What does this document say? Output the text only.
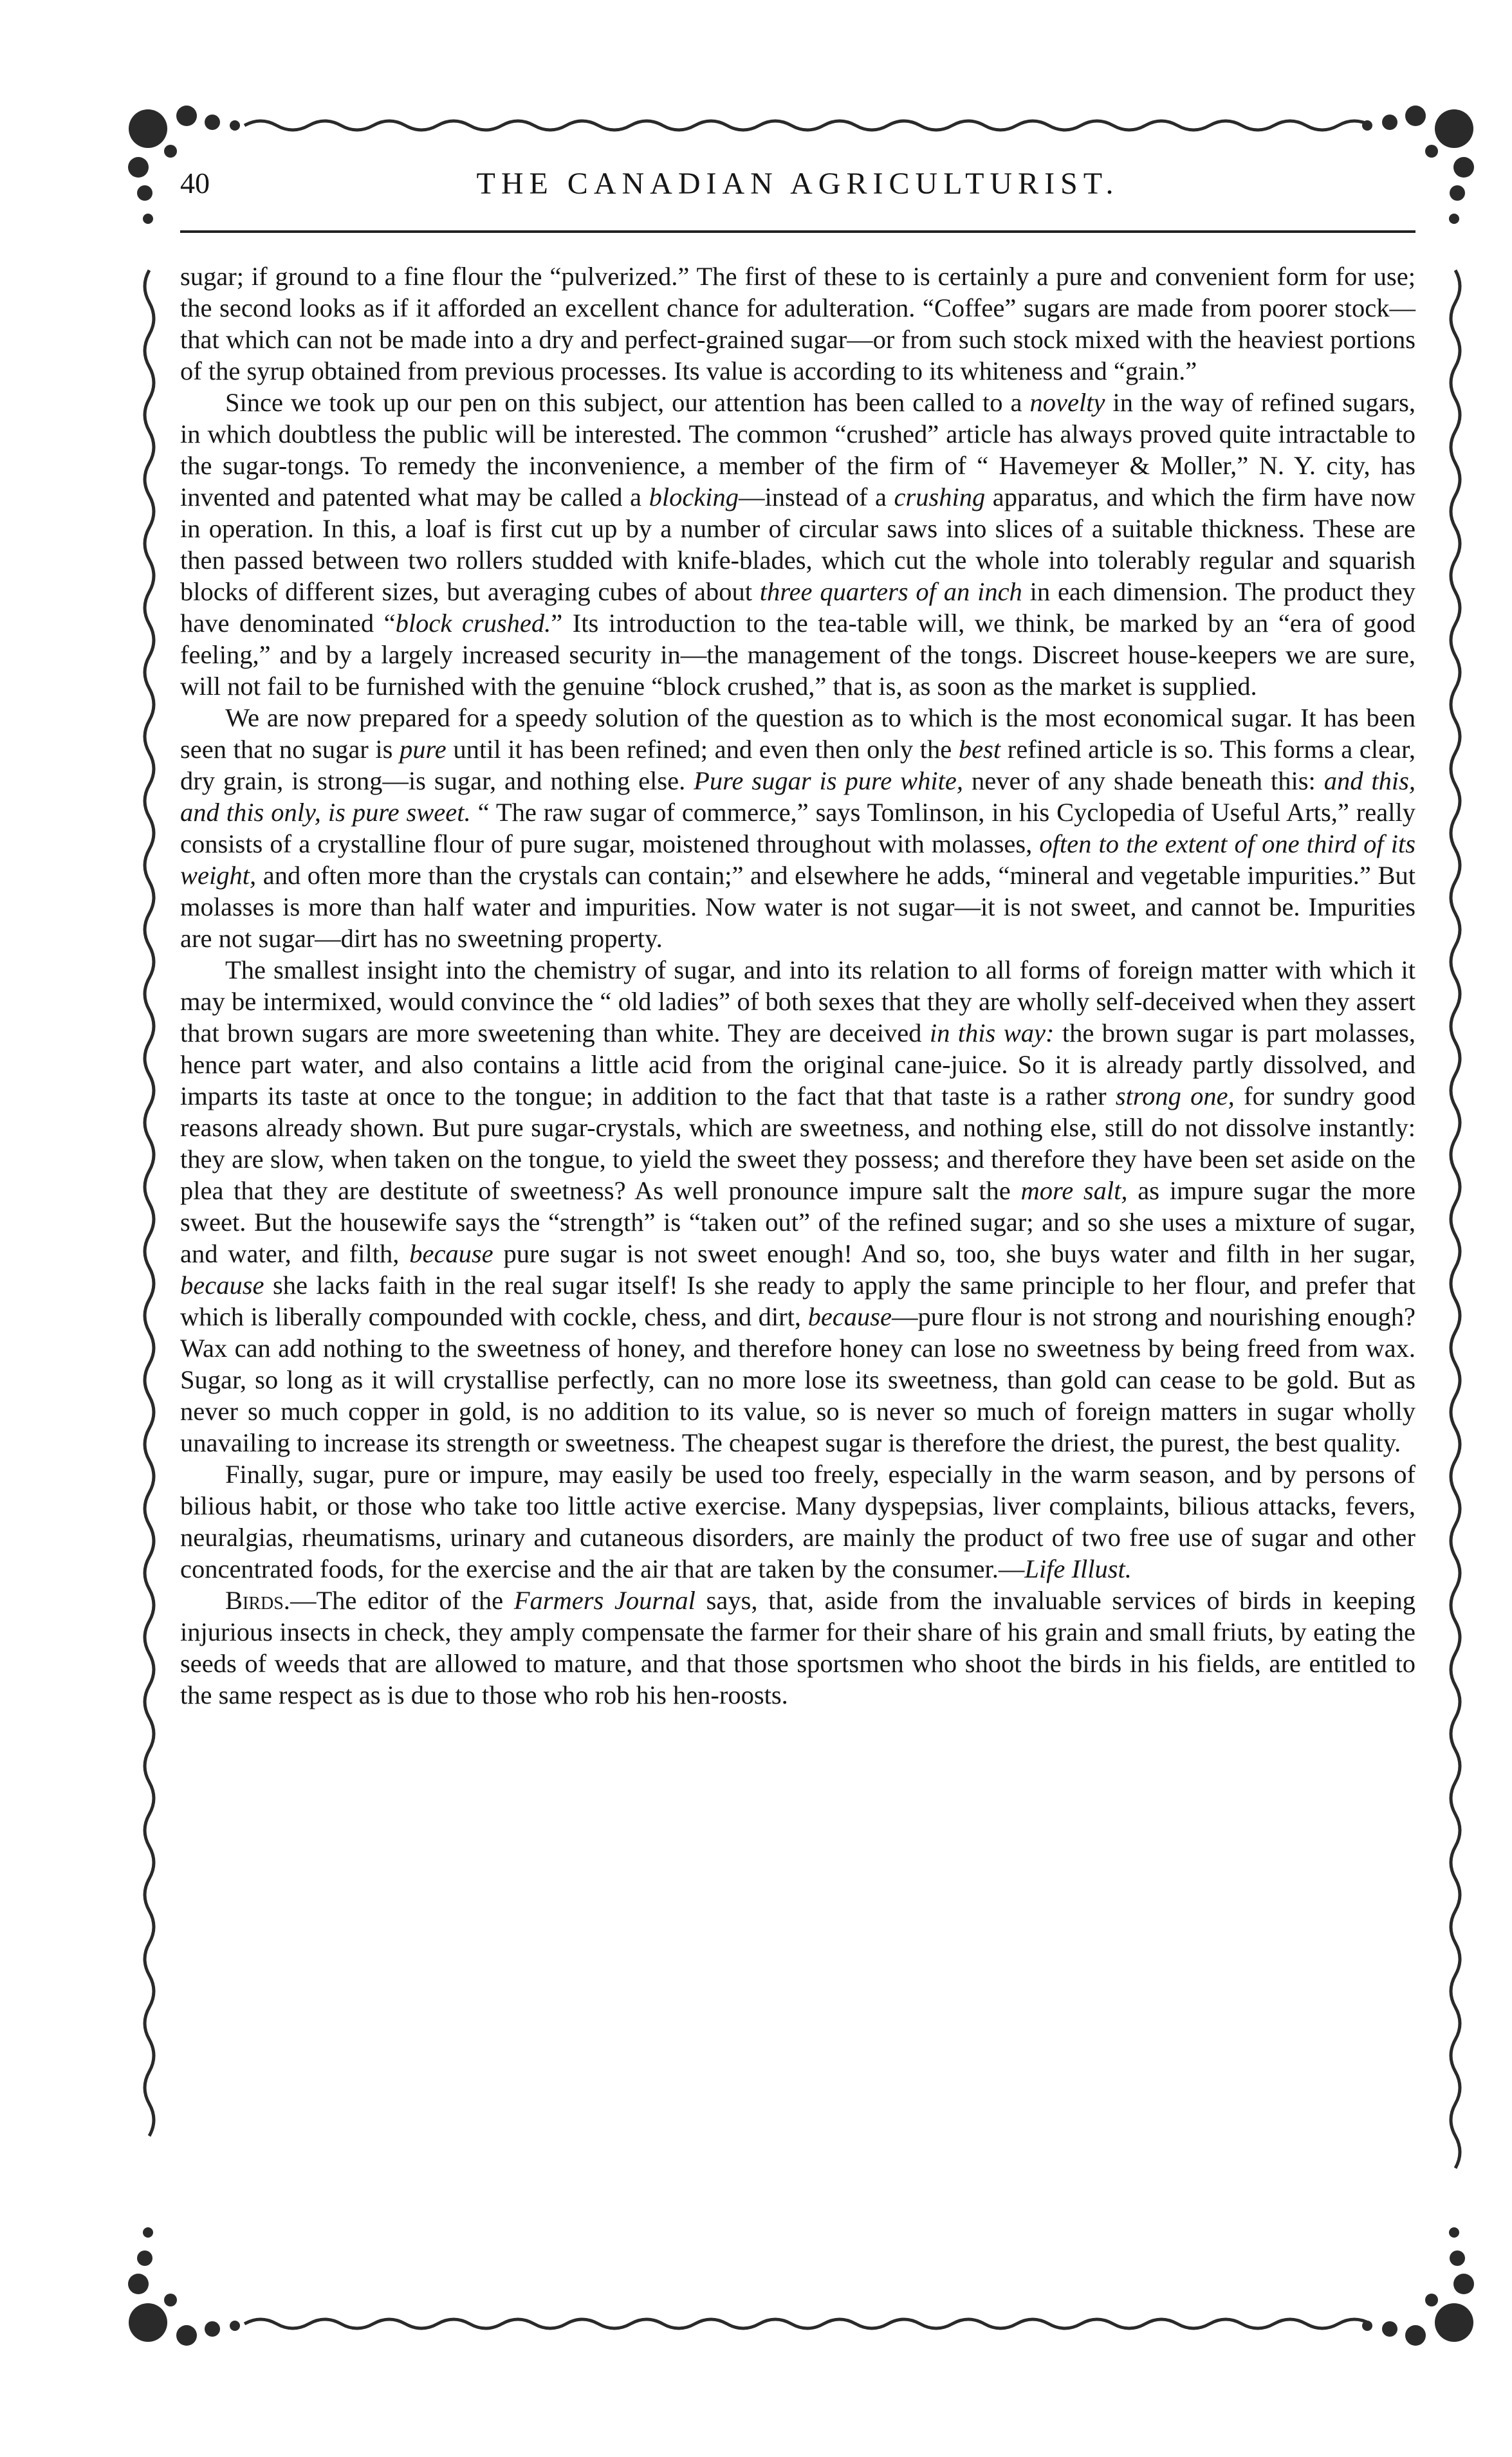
40	THE CANADIAN AGRICULTURIST.

sugar; if ground to a fine flour the “pulverized.” The first of these to is certainly a pure and convenient form for use; the second looks as if it afforded an excellent chance for adulteration. “Coffee” sugars are made from poorer stock—that which can not be made into a dry and perfect-grained sugar—or from such stock mixed with the heaviest portions of the syrup obtained from previous processes. Its value is according to its whiteness and “grain.”

Since we took up our pen on this subject, our attention has been called to a novelty in the way of refined sugars, in which doubtless the public will be interested. The common “crushed” article has always proved quite intractable to the sugar-tongs. To remedy the inconvenience, a member of the firm of “ Havemeyer & Moller,” N. Y. city, has invented and patented what may be called a blocking—instead of a crushing apparatus, and which the firm have now in operation. In this, a loaf is first cut up by a number of circular saws into slices of a suitable thickness. These are then passed between two rollers studded with knife-blades, which cut the whole into tolerably regular and squarish blocks of different sizes, but averaging cubes of about three quarters of an inch in each dimension. The product they have denominated “block crushed.” Its introduction to the tea-table will, we think, be marked by an “era of good feeling,” and by a largely increased security in—the management of the tongs. Discreet house-keepers we are sure, will not fail to be furnished with the genuine “block crushed,” that is, as soon as the market is supplied.

We are now prepared for a speedy solution of the question as to which is the most economical sugar. It has been seen that no sugar is pure until it has been refined; and even then only the best refined article is so. This forms a clear, dry grain, is strong—is sugar, and nothing else. Pure sugar is pure white, never of any shade beneath this: and this, and this only, is pure sweet. “ The raw sugar of commerce,” says Tomlinson, in his Cyclopedia of Useful Arts,” really consists of a crystalline flour of pure sugar, moistened throughout with molasses, often to the extent of one third of its weight, and often more than the crystals can contain;” and elsewhere he adds, “mineral and vegetable impurities.” But molasses is more than half water and impurities. Now water is not sugar—it is not sweet, and cannot be. Impurities are not sugar—dirt has no sweetning property.

The smallest insight into the chemistry of sugar, and into its relation to all forms of foreign matter with which it may be intermixed, would convince the “ old ladies” of both sexes that they are wholly self-deceived when they assert that brown sugars are more sweetening than white. They are deceived in this way: the brown sugar is part molasses, hence part water, and also contains a little acid from the original cane-juice. So it is already partly dissolved, and imparts its taste at once to the tongue; in addition to the fact that that taste is a rather strong one, for sundry good reasons already shown. But pure sugar-crystals, which are sweetness, and nothing else, still do not dissolve instantly: they are slow, when taken on the tongue, to yield the sweet they possess; and therefore they have been set aside on the plea that they are destitute of sweetness? As well pronounce impure salt the more salt, as impure sugar the more sweet. But the housewife says the “strength” is “taken out” of the refined sugar; and so she uses a mixture of sugar, and water, and filth, because pure sugar is not sweet enough! And so, too, she buys water and filth in her sugar, because she lacks faith in the real sugar itself! Is she ready to apply the same principle to her flour, and prefer that which is liberally compounded with cockle, chess, and dirt, because—pure flour is not strong and nourishing enough? Wax can add nothing to the sweetness of honey, and therefore honey can lose no sweetness by being freed from wax. Sugar, so long as it will crystallise perfectly, can no more lose its sweetness, than gold can cease to be gold. But as never so much copper in gold, is no addition to its value, so is never so much of foreign matters in sugar wholly unavailing to increase its strength or sweetness. The cheapest sugar is therefore the driest, the purest, the best quality.

Finally, sugar, pure or impure, may easily be used too freely, especially in the warm season, and by persons of bilious habit, or those who take too little active exercise. Many dyspepsias, liver complaints, bilious attacks, fevers, neuralgias, rheumatisms, urinary and cutaneous disorders, are mainly the product of two free use of sugar and other concentrated foods, for the exercise and the air that are taken by the consumer.—Life Illust.

Birds.—The editor of the Farmers Journal says, that, aside from the invaluable services of birds in keeping injurious insects in check, they amply compensate the farmer for their share of his grain and small friuts, by eating the seeds of weeds that are allowed to mature, and that those sportsmen who shoot the birds in his fields, are entitled to the same respect as is due to those who rob his hen-roosts.
